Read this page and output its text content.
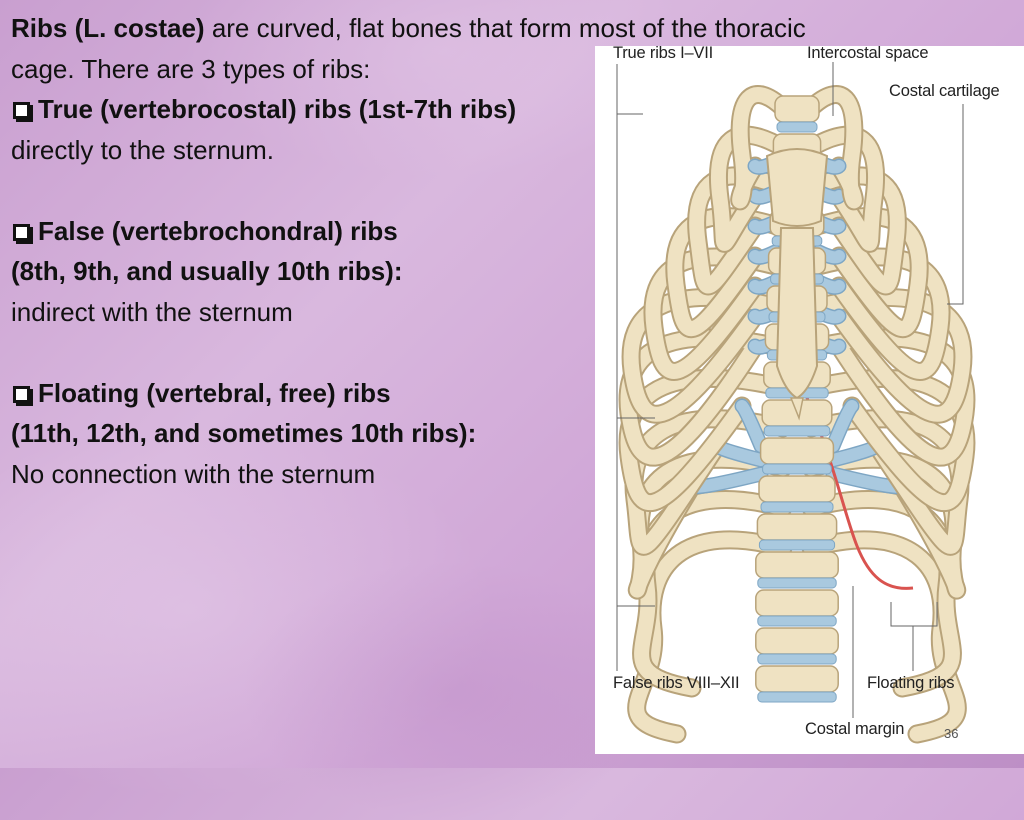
Ribs (L. costae) are curved, flat bones that form most of the thoracic

cage. There are 3 types of ribs:

True (vertebrocostal) ribs (1st-7th ribs)

directly to the sternum.

False (vertebrochondral) ribs

(8th, 9th, and usually 10th ribs):

indirect with the sternum

Floating (vertebral, free) ribs

(11th, 12th, and sometimes 10th ribs):

No connection with the sternum

True ribs I–VII	Intercostal space
Costal cartilage
False ribs VIII–XII	Floating ribs
Costal margin	36
